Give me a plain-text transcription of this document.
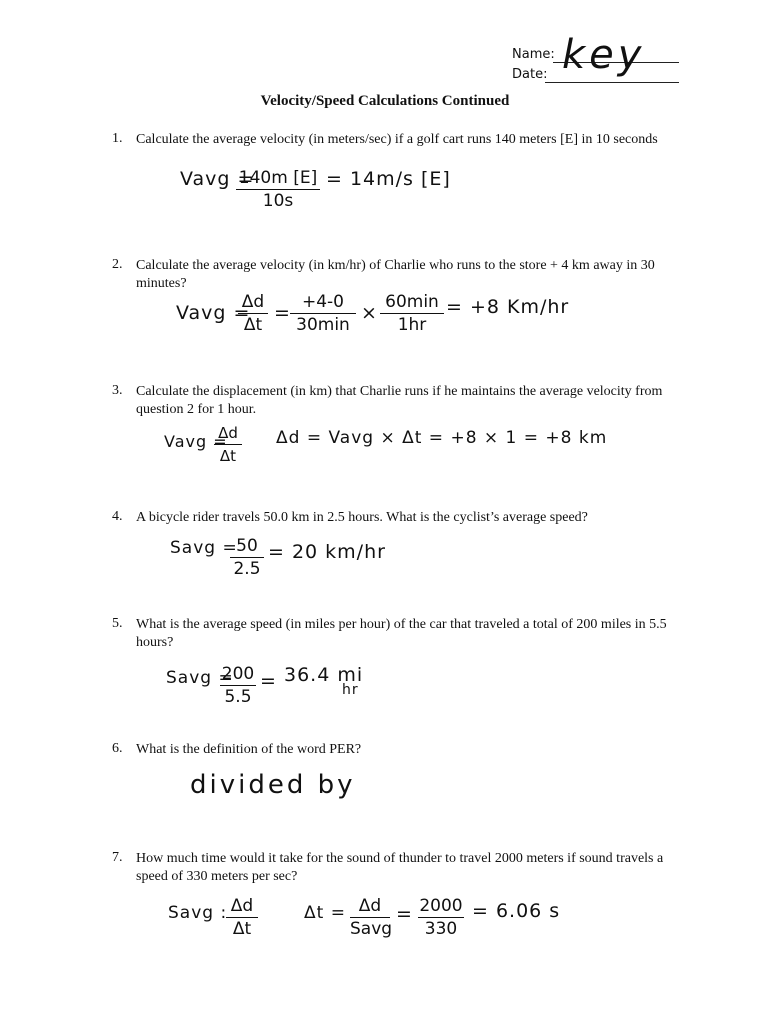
Name:
Date: key
Velocity/Speed Calculations Continued
1. Calculate the average velocity (in meters/sec) if a golf cart runs 140 meters [E] in 10 seconds
Vavg =
140m [E]
10s
= 14m/s [E]
2. Calculate the average velocity (in km/hr) of Charlie who runs to the store + 4 km away in 30 minutes?
Vavg =
Δd
Δt
= +4-0
30min
× 60min
1hr
= +8 Km/hr
3. Calculate the displacement (in km) that Charlie runs if he maintains the average velocity from question 2 for 1 hour.
Vavg =
Δd
Δt
Δd = Vavg × Δt = +8 × 1 = +8 km
4. A bicycle rider travels 50.0 km in 2.5 hours. What is the cyclist’s average speed?
Savg =
50
2.5
= 20 km/hr
5. What is the average speed (in miles per hour) of the car that traveled a total of 200 miles in 5.5 hours?
Savg =
200
5.5
= 36.4 mi
hr
6. What is the definition of the word PER?
divided by
7. How much time would it take for the sound of thunder to travel 2000 meters if sound travels a speed of 330 meters per sec?
Savg : Δd
Δt
Δt = Δd
Savg
= 2000
330
= 6.06 s
